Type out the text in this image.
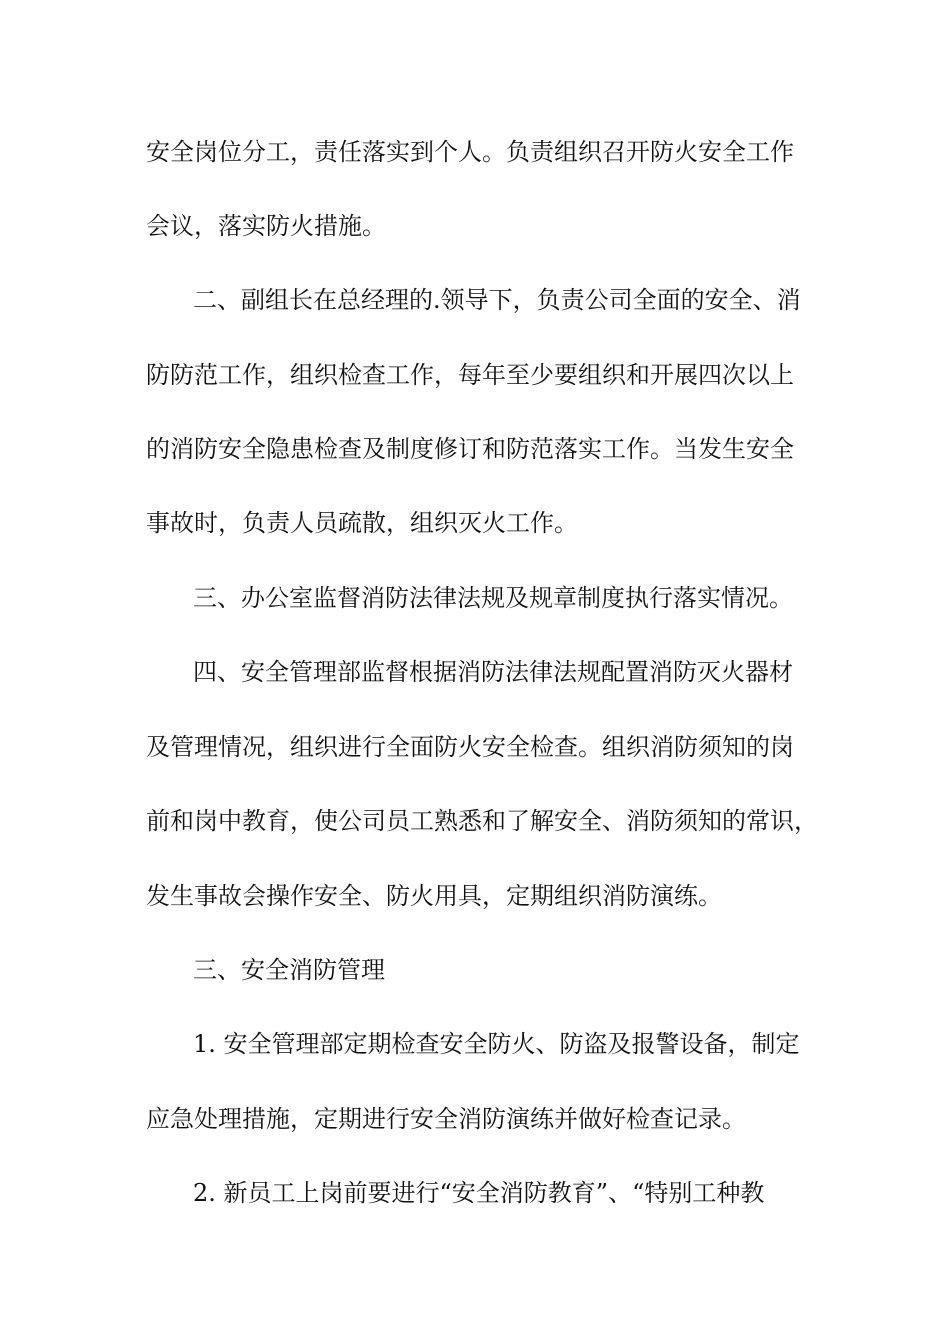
安全岗位分工，责任落实到个人。负责组织召开防火安全工作
会议，落实防火措施。
二、副组长在总经理的.领导下，负责公司全面的安全、消
防防范工作，组织检查工作，每年至少要组织和开展四次以上
的消防安全隐患检查及制度修订和防范落实工作。当发生安全
事故时，负责人员疏散，组织灭火工作。
三、办公室监督消防法律法规及规章制度执行落实情况。
四、安全管理部监督根据消防法律法规配置消防灭火器材
及管理情况，组织进行全面防火安全检查。组织消防须知的岗
前和岗中教育，使公司员工熟悉和了解安全、消防须知的常识，
发生事故会操作安全、防火用具，定期组织消防演练。
三、安全消防管理
1. 安全管理部定期检查安全防火、防盗及报警设备，制定
应急处理措施，定期进行安全消防演练并做好检查记录。
2. 新员工上岗前要进行“安全消防教育”、“特别工种教
